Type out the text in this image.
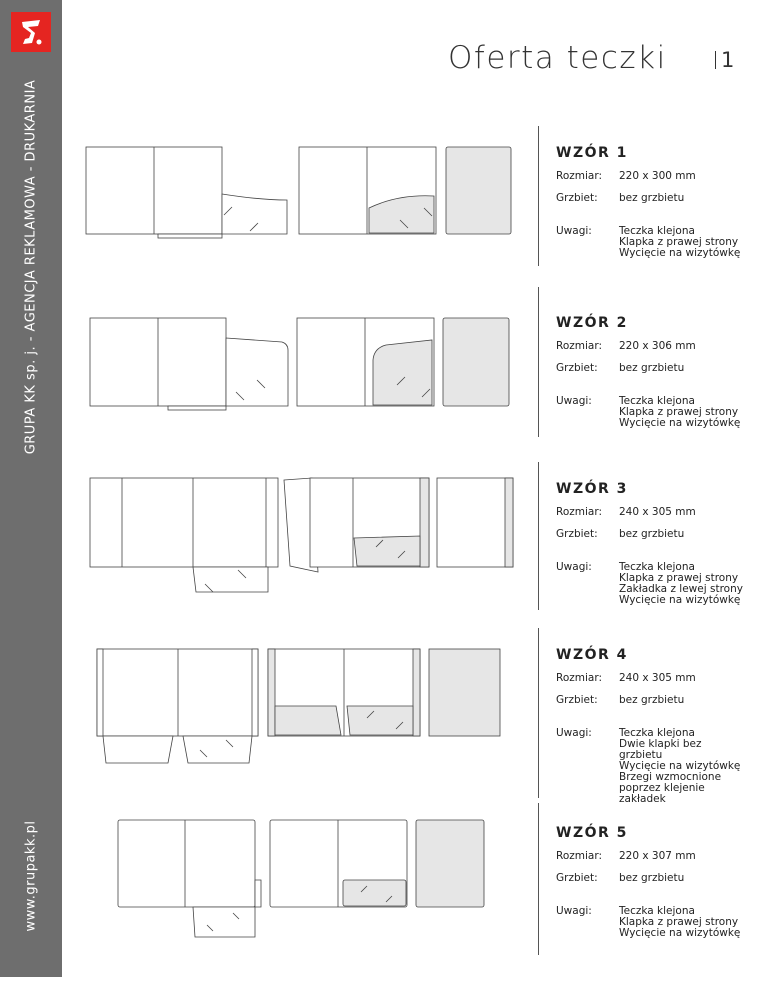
GRUPA KK sp. j. - AGENCJA REKLAMOWA - DRUKARNIA
www.grupakk.pl
Oferta teczki	1
WZÓR 1
Rozmiar: 220 x 300 mm
Grzbiet: bez grzbietu
Uwagi:	Teczka klejona
Klapka z prawej strony
Wycięcie na wizytówkę
WZÓR 2
Rozmiar: 220 x 306 mm
Grzbiet: bez grzbietu
Uwagi:	Teczka klejona
Klapka z prawej strony
Wycięcie na wizytówkę
WZÓR 3
Rozmiar: 240 x 305 mm
Grzbiet: bez grzbietu
Uwagi:	Teczka klejona
Klapka z prawej strony
Zakładka z lewej strony
Wycięcie na wizytówkę
WZÓR 4
Rozmiar: 240 x 305 mm
Grzbiet: bez grzbietu
Uwagi:	Teczka klejona
Dwie klapki bez
grzbietu
Wycięcie na wizytówkę
Brzegi wzmocnione
poprzez klejenie
zakładek
WZÓR 5
Rozmiar: 220 x 307 mm
Grzbiet: bez grzbietu
Uwagi:	Teczka klejona
Klapka z prawej strony
Wycięcie na wizytówkę
